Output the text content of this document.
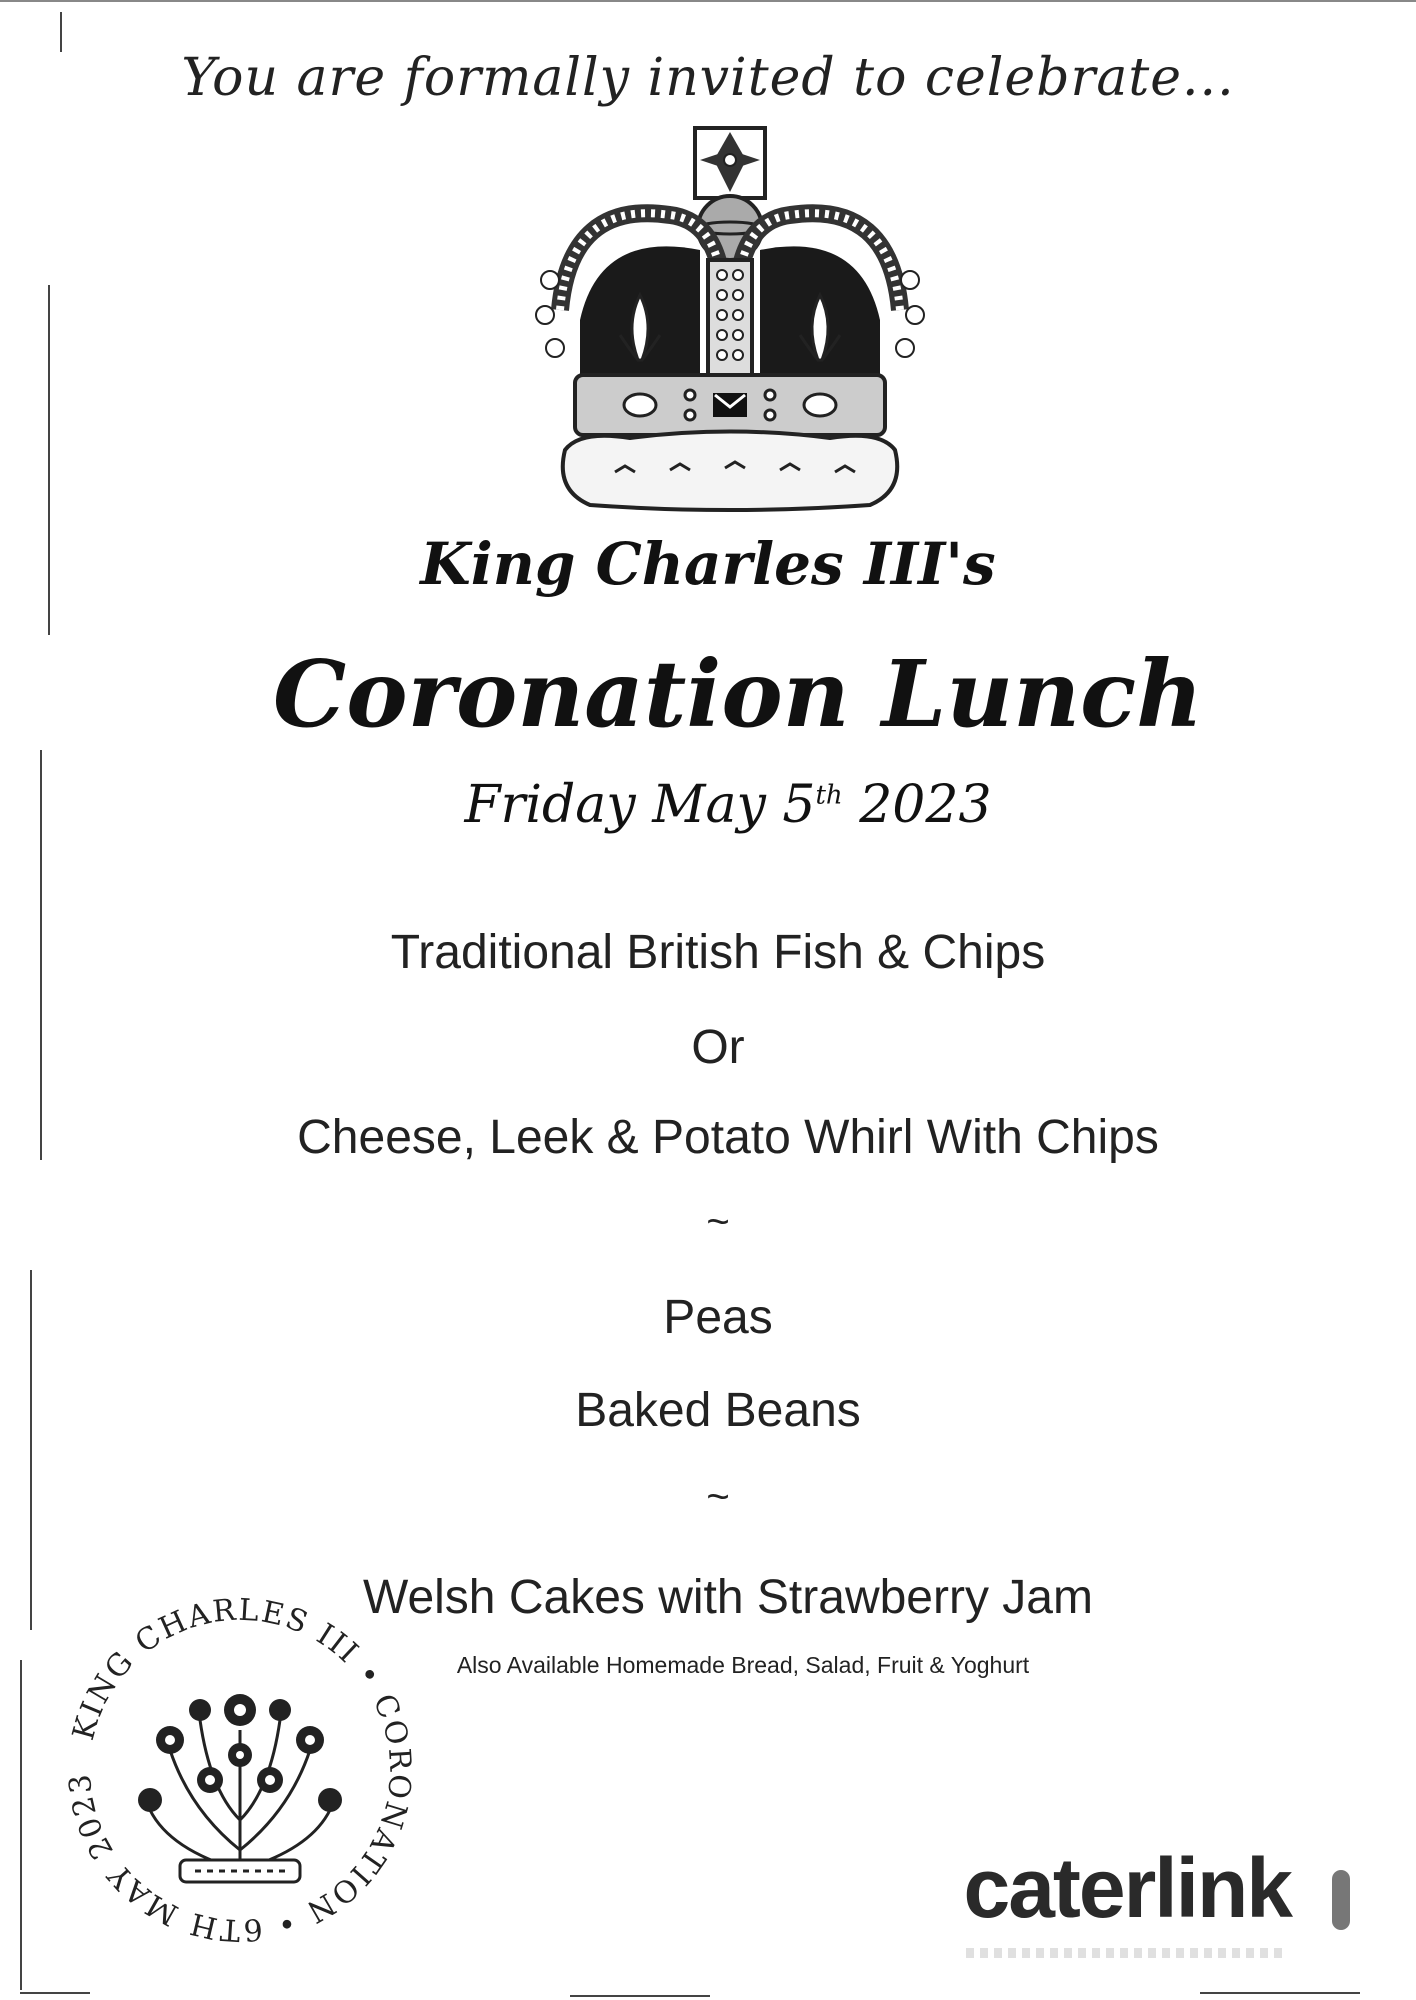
You are formally invited to celebrate...
King Charles III's
Coronation Lunch
Friday May 5th 2023
Traditional British Fish & Chips
Or
Cheese, Leek & Potato Whirl With Chips
~
Peas
Baked Beans
~
Welsh Cakes with Strawberry Jam
Also Available Homemade Bread, Salad, Fruit & Yoghurt
KING CHARLES III • CORONATION • 6TH MAY 2023
caterlink
